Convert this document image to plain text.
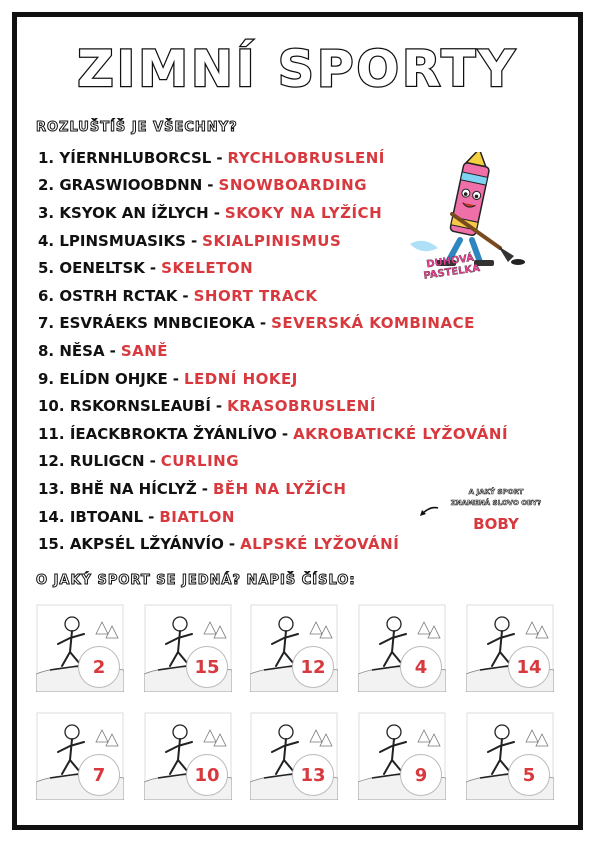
ZIMNÍ SPORTY
ROZLUŠTÍŠ JE VŠECHNY?
1.
YÍERNHLUBORCSL - RYCHLOBRUSLENÍ
2.
GRASWIOOBDNN - SNOWBOARDING
3.
KSYOK AN ÍŽLYCH - SKOKY NA LYŽÍCH
4.
LPINSMUASIKS - SKIALPINISMUS
5.
OENELTSK - SKELETON
6.
OSTRH RCTAK - SHORT TRACK
7.
ESVRÁEKS MNBCIEOKA - SEVERSKÁ KOMBINACE
8.
NĚSA - SANĚ
9.
ELÍDN OHJKE - LEDNÍ HOKEJ
10.
RSKORNSLEAUBÍ - KRASOBRUSLENÍ
11.
ÍEACKBROKTA ŽYÁNLÍVO - AKROBATICKÉ LYŽOVÁNÍ
12.
RULIGCN - CURLING
13.
BHĚ NA HÍCLYŽ - BĚH NA LYŽÍCH
14.
IBTOANL - BIATLON
15.
AKPSÉL LŽYÁNVÍO - ALPSKÉ LYŽOVÁNÍ
DUHOVÁ PASTELKA
A JAKÝ SPORT
ZNAMENÁ SLOVO OBY?
BOBY
O JAKÝ SPORT SE JEDNÁ? NAPIŠ ČÍSLO:
2	15	12	4	14
7	10	13	9	5
